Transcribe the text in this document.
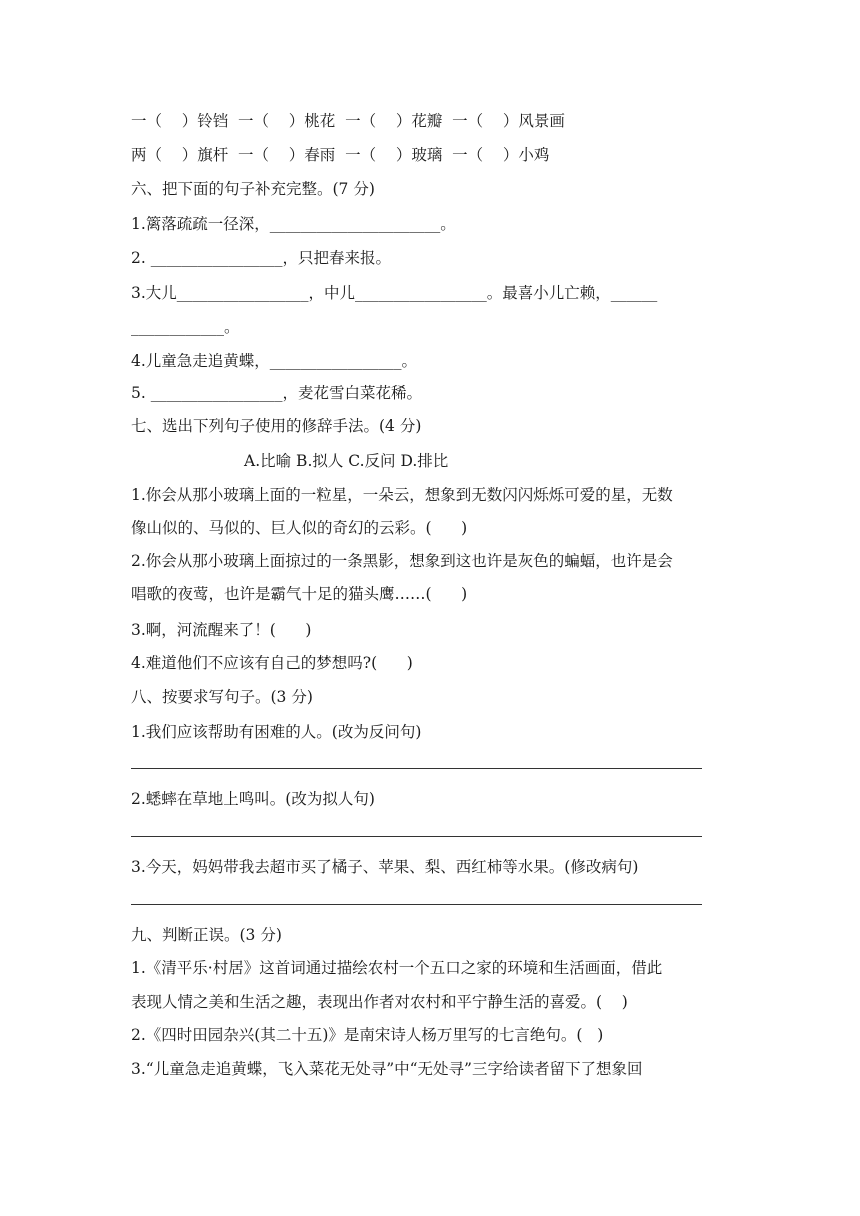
一（    ）铃铛  一（    ）桃花  一（    ）花瓣  一（    ）风景画

两（    ）旗杆  一（    ）春雨  一（    ）玻璃  一（    ）小鸡

六、把下面的句子补充完整。(7 分)

1.篱落疏疏一径深，______________________。

2. _________________，只把春来报。

3.大儿_________________，中儿_________________。最喜小儿亡赖，______

____________。

4.儿童急走追黄蝶，_________________。

5. _________________，麦花雪白菜花稀。

七、选出下列句子使用的修辞手法。(4 分)

A.比喻 B.拟人 C.反问 D.排比

1.你会从那小玻璃上面的一粒星，一朵云，想象到无数闪闪烁烁可爱的星，无数

像山似的、马似的、巨人似的奇幻的云彩。(      )

2.你会从那小玻璃上面掠过的一条黑影，想象到这也许是灰色的蝙蝠，也许是会

唱歌的夜莺，也许是霸气十足的猫头鹰……(      )

3.啊，河流醒来了！(      )

4.难道他们不应该有自己的梦想吗?(      )

八、按要求写句子。(3 分)

1.我们应该帮助有困难的人。(改为反问句)

2.蟋蟀在草地上鸣叫。(改为拟人句)

3.今天，妈妈带我去超市买了橘子、苹果、梨、西红柿等水果。(修改病句)

九、判断正误。(3 分)

1.《清平乐·村居》这首词通过描绘农村一个五口之家的环境和生活画面，借此

表现人情之美和生活之趣，表现出作者对农村和平宁静生活的喜爱。(    )

2.《四时田园杂兴(其二十五)》是南宋诗人杨万里写的七言绝句。(   )

3.“儿童急走追黄蝶，飞入菜花无处寻”中“无处寻”三字给读者留下了想象回
